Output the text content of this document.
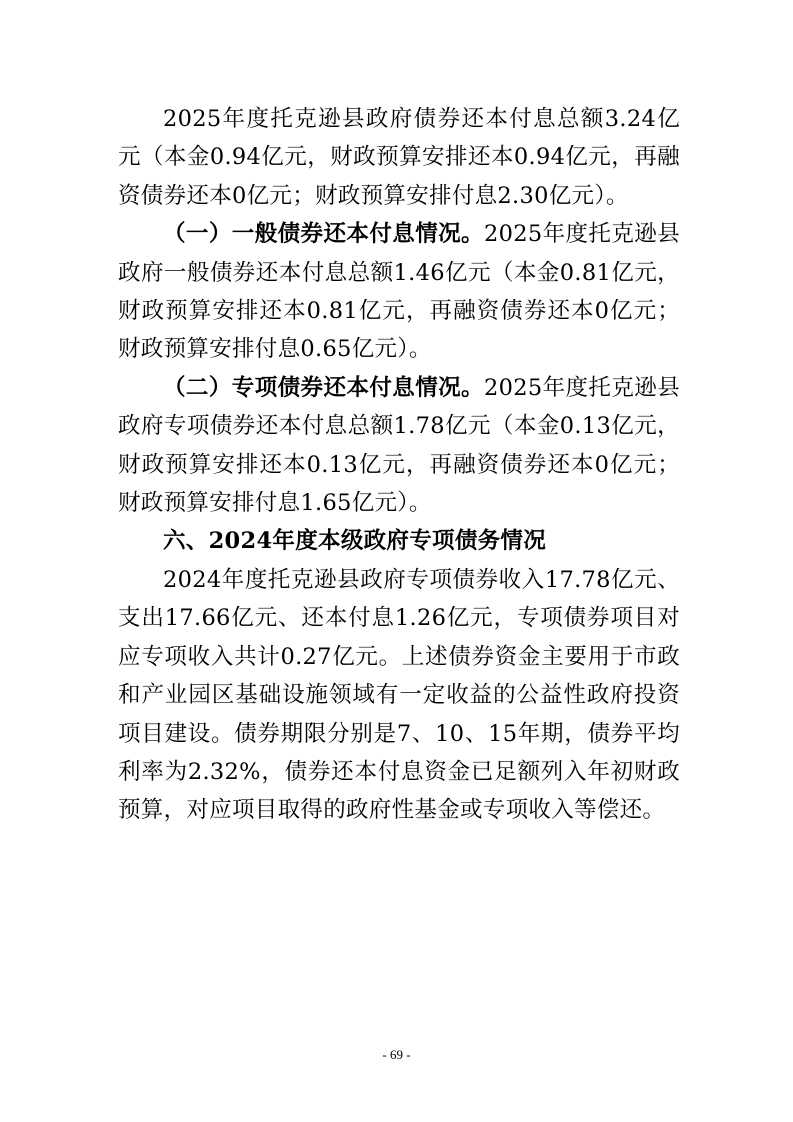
2025年度托克逊县政府债券还本付息总额3.24亿元（本金0.94亿元，财政预算安排还本0.94亿元，再融资债券还本0亿元；财政预算安排付息2.30亿元）。

（一）一般债券还本付息情况。2025年度托克逊县政府一般债券还本付息总额1.46亿元（本金0.81亿元，财政预算安排还本0.81亿元，再融资债券还本0亿元；财政预算安排付息0.65亿元）。

（二）专项债券还本付息情况。2025年度托克逊县政府专项债券还本付息总额1.78亿元（本金0.13亿元，财政预算安排还本0.13亿元，再融资债券还本0亿元；财政预算安排付息1.65亿元）。

六、2024年度本级政府专项债务情况

2024年度托克逊县政府专项债券收入17.78亿元、支出17.66亿元、还本付息1.26亿元，专项债券项目对应专项收入共计0.27亿元。上述债券资金主要用于市政和产业园区基础设施领域有一定收益的公益性政府投资项目建设。债券期限分别是7、10、15年期，债券平均利率为2.32%，债券还本付息资金已足额列入年初财政预算，对应项目取得的政府性基金或专项收入等偿还。

- 69 -
